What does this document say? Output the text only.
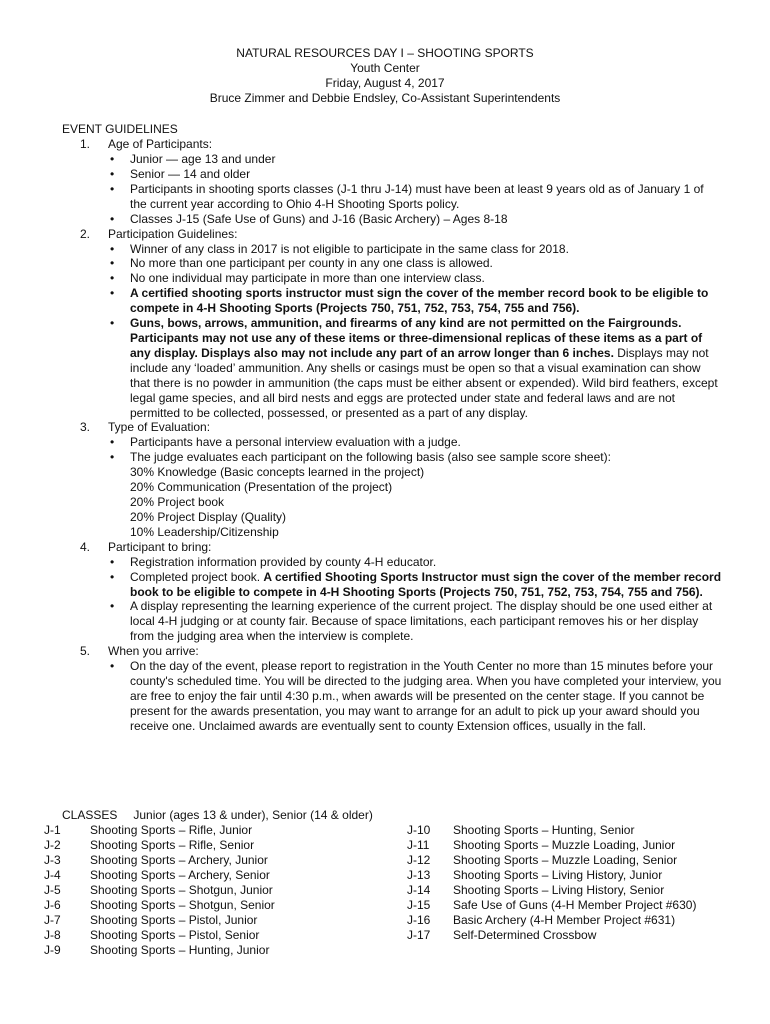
NATURAL RESOURCES DAY I – SHOOTING SPORTS
Youth Center
Friday, August 4, 2017
Bruce Zimmer and Debbie Endsley, Co-Assistant Superintendents
EVENT GUIDELINES
1. Age of Participants:
• Junior — age 13 and under
• Senior — 14 and older
• Participants in shooting sports classes (J-1 thru J-14) must have been at least 9 years old as of January 1 of the current year according to Ohio 4-H Shooting Sports policy.
• Classes J-15 (Safe Use of Guns) and J-16 (Basic Archery) – Ages 8-18
2. Participation Guidelines:
• Winner of any class in 2017 is not eligible to participate in the same class for 2018.
• No more than one participant per county in any one class is allowed.
• No one individual may participate in more than one interview class.
• A certified shooting sports instructor must sign the cover of the member record book to be eligible to compete in 4-H Shooting Sports (Projects 750, 751, 752, 753, 754, 755 and 756).
• Guns, bows, arrows, ammunition, and firearms of any kind are not permitted on the Fairgrounds. Participants may not use any of these items or three-dimensional replicas of these items as a part of any display. Displays also may not include any part of an arrow longer than 6 inches. Displays may not include any ‘loaded’ ammunition. Any shells or casings must be open so that a visual examination can show that there is no powder in ammunition (the caps must be either absent or expended). Wild bird feathers, except legal game species, and all bird nests and eggs are protected under state and federal laws and are not permitted to be collected, possessed, or presented as a part of any display.
3. Type of Evaluation:
• Participants have a personal interview evaluation with a judge.
• The judge evaluates each participant on the following basis (also see sample score sheet):
30% Knowledge (Basic concepts learned in the project)
20% Communication (Presentation of the project)
20% Project book
20% Project Display (Quality)
10% Leadership/Citizenship
4. Participant to bring:
• Registration information provided by county 4-H educator.
• Completed project book. A certified Shooting Sports Instructor must sign the cover of the member record book to be eligible to compete in 4-H Shooting Sports (Projects 750, 751, 752, 753, 754, 755 and 756).
• A display representing the learning experience of the current project. The display should be one used either at local 4-H judging or at county fair. Because of space limitations, each participant removes his or her display from the judging area when the interview is complete.
5. When you arrive:
• On the day of the event, please report to registration in the Youth Center no more than 15 minutes before your county's scheduled time. You will be directed to the judging area. When you have completed your interview, you are free to enjoy the fair until 4:30 p.m., when awards will be presented on the center stage. If you cannot be present for the awards presentation, you may want to arrange for an adult to pick up your award should you receive one. Unclaimed awards are eventually sent to county Extension offices, usually in the fall.
CLASSES Junior (ages 13 & under), Senior (14 & older)
J-1 Shooting Sports – Rifle, Junior
J-2 Shooting Sports – Rifle, Senior
J-3 Shooting Sports – Archery, Junior
J-4 Shooting Sports – Archery, Senior
J-5 Shooting Sports – Shotgun, Junior
J-6 Shooting Sports – Shotgun, Senior
J-7 Shooting Sports – Pistol, Junior
J-8 Shooting Sports – Pistol, Senior
J-9 Shooting Sports – Hunting, Junior
J-10 Shooting Sports – Hunting, Senior
J-11 Shooting Sports – Muzzle Loading, Junior
J-12 Shooting Sports – Muzzle Loading, Senior
J-13 Shooting Sports – Living History, Junior
J-14 Shooting Sports – Living History, Senior
J-15 Safe Use of Guns (4-H Member Project #630)
J-16 Basic Archery (4-H Member Project #631)
J-17 Self-Determined Crossbow
